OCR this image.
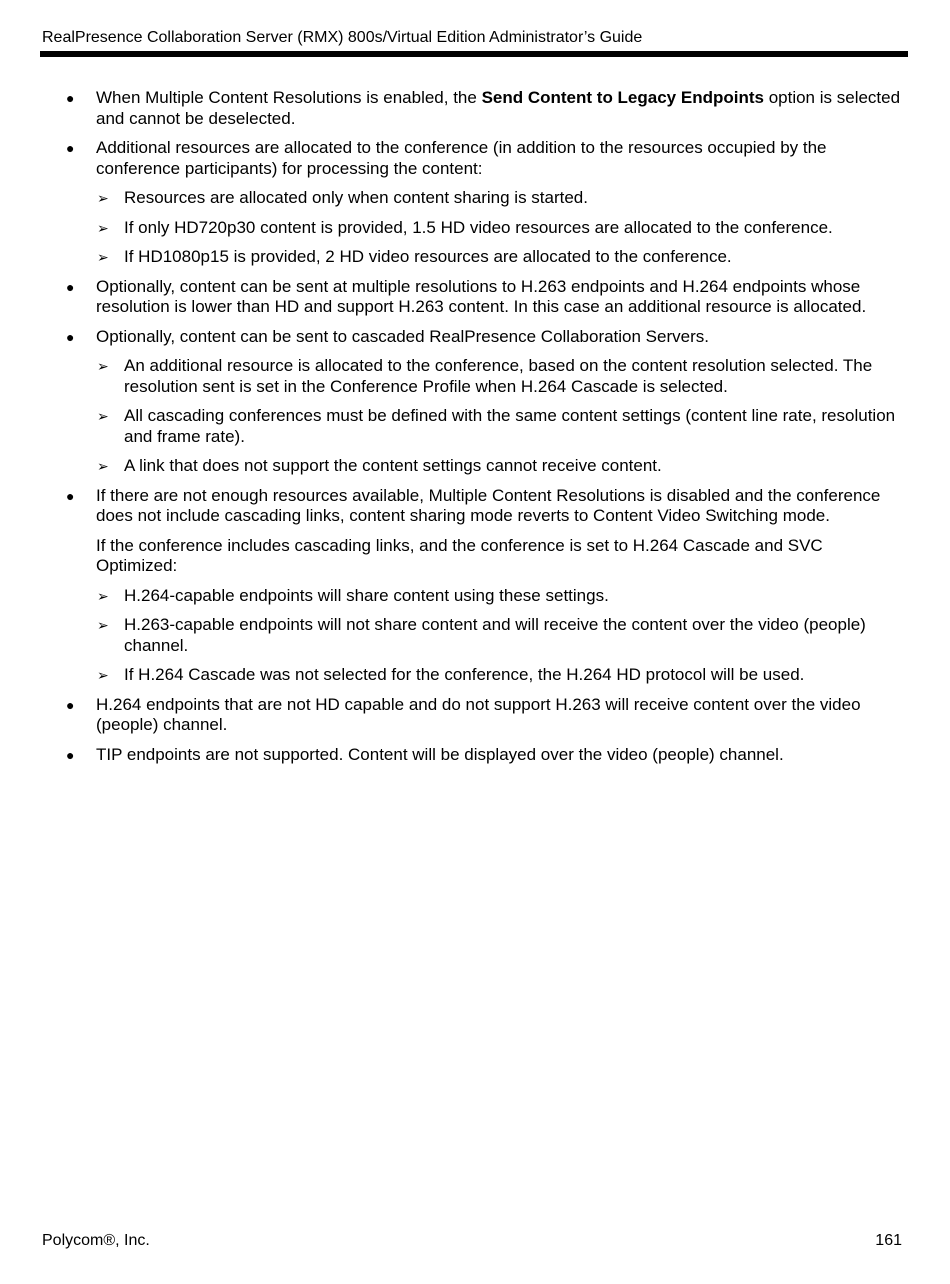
RealPresence Collaboration Server (RMX) 800s/Virtual Edition Administrator’s Guide
● When Multiple Content Resolutions is enabled, the Send Content to Legacy Endpoints option is selected and cannot be deselected.
● Additional resources are allocated to the conference (in addition to the resources occupied by the conference participants) for processing the content:
➢ Resources are allocated only when content sharing is started.
➢ If only HD720p30 content is provided, 1.5 HD video resources are allocated to the conference.
➢ If HD1080p15 is provided, 2 HD video resources are allocated to the conference.
● Optionally, content can be sent at multiple resolutions to H.263 endpoints and H.264 endpoints whose resolution is lower than HD and support H.263 content. In this case an additional resource is allocated.
● Optionally, content can be sent to cascaded RealPresence Collaboration Servers.
➢ An additional resource is allocated to the conference, based on the content resolution selected. The resolution sent is set in the Conference Profile when H.264 Cascade is selected.
➢ All cascading conferences must be defined with the same content settings (content line rate, resolution and frame rate).
➢ A link that does not support the content settings cannot receive content.
● If there are not enough resources available, Multiple Content Resolutions is disabled and the conference does not include cascading links, content sharing mode reverts to Content Video Switching mode.
If the conference includes cascading links, and the conference is set to H.264 Cascade and SVC Optimized:
➢ H.264-capable endpoints will share content using these settings.
➢ H.263-capable endpoints will not share content and will receive the content over the video (people) channel.
➢ If H.264 Cascade was not selected for the conference, the H.264 HD protocol will be used.
● H.264 endpoints that are not HD capable and do not support H.263 will receive content over the video (people) channel.
● TIP endpoints are not supported. Content will be displayed over the video (people) channel.
Polycom®, Inc.	161
